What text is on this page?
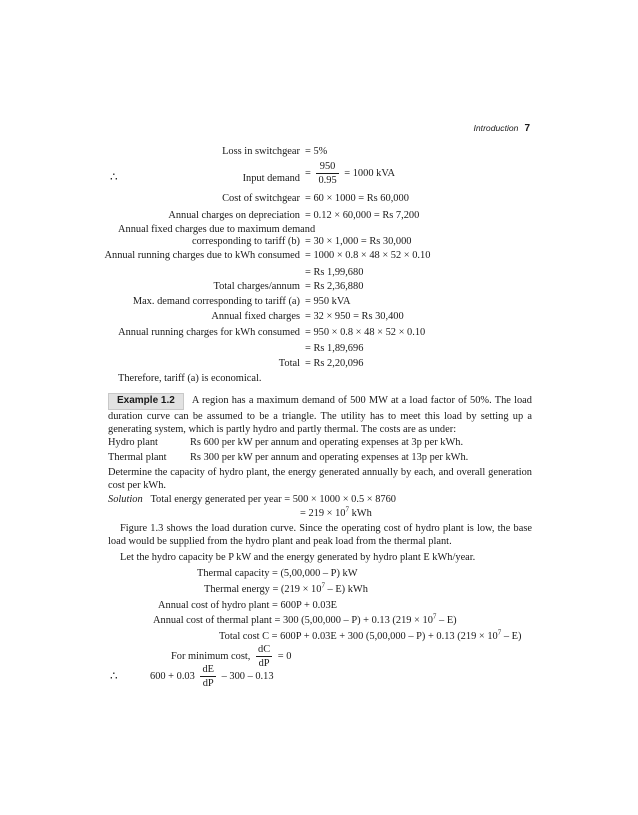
Introduction 7
Loss in switchgear = 5%
∴	Input demand = $\frac{950}{0.95} = 1000$ kVA
Cost of switchgear = 60 × 1000 = Rs 60,000
Annual charges on depreciation = 0.12 × 60,000 = Rs 7,200
Annual fixed charges due to maximum demand
corresponding to tariff (b) = 30 × 1,000 = Rs 30,000
Annual running charges due to kWh consumed = 1000 × 0.8 × 48 × 52 × 0.10
= Rs 1,99,680
Total charges/annum = Rs 2,36,880
Max. demand corresponding to tariff (a) = 950 kVA
Annual fixed charges = 32 × 950 = Rs 30,400
Annual running charges for kWh consumed = 950 × 0.8 × 48 × 52 × 0.10
= Rs 1,89,696
Total = Rs 2,20,096
Therefore, tariff (a) is economical.
Example 1.2 A region has a maximum demand of 500 MW at a load factor of 50%. The load duration curve can be assumed to be a triangle. The utility has to meet this load by setting up a generating system, which is partly hydro and partly thermal. The costs are as under:
Hydro plant	Rs 600 per kW per annum and operating expenses at 3p per kWh.
Thermal plant Rs 300 per kW per annum and operating expenses at 13p per kWh.
Determine the capacity of hydro plant, the energy generated annually by each, and overall generation cost per kWh.
Solution Total energy generated per year = 500 × 1000 × 0.5 × 8760
= $219 \times 10^7$ kWh
Figure 1.3 shows the load duration curve. Since the operating cost of hydro plant is low, the base load would be supplied from the hydro plant and peak load from the thermal plant.
Let the hydro capacity be P kW and the energy generated by hydro plant E kWh/year.
Thermal capacity = (5,00,000 – P) kW
Thermal energy = $(219 \times 10^7 - E)$ kWh
Annual cost of hydro plant = 600P + 0.03E
Annual cost of thermal plant = 300 (5,00,000 – P) + 0.13 $(219 \times 10^7 - E)$
Total cost C = 600P + 0.03E + 300 (5,00,000 – P) + 0.13 $(219 \times 10^7 - E)$
For minimum cost, $\frac{dC}{dP} = 0$
∴	$600 + 0.03 \frac{dE}{dP} - 300 - 0.13$
